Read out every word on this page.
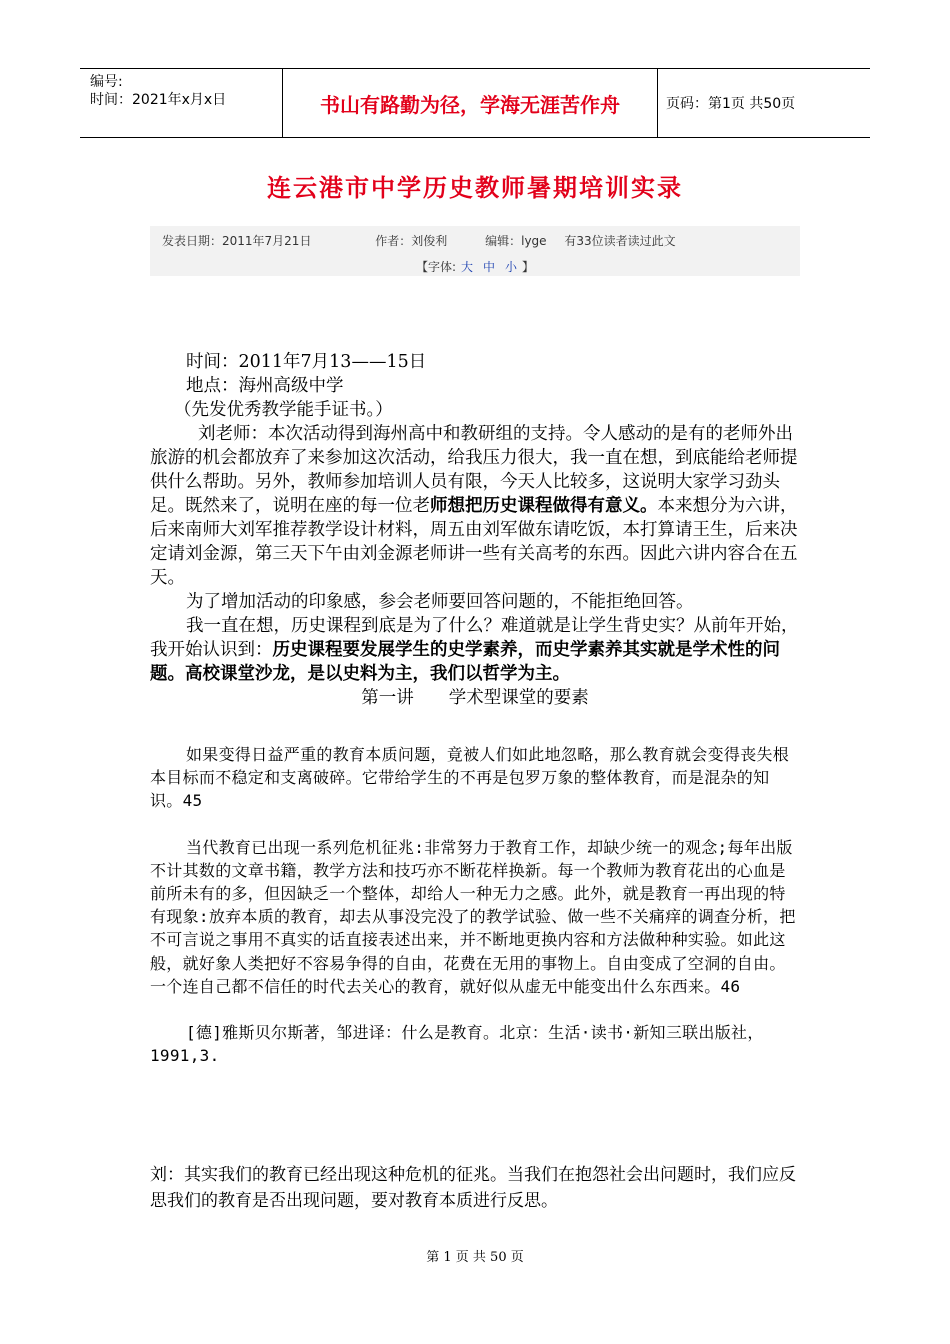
编号:
时间：2021年x月x日	书山有路勤为径，学海无涯苦作舟	页码：第1页 共50页
连云港市中学历史教师暑期培训实录
发表日期：2011年7月21日	作者：刘俊利	编辑：lyge 有33位读者读过此文
【字体: 大 中 小 】

时间：2011年7月13——15日

地点：海州高级中学

（先发优秀教学能手证书。）

刘老师：本次活动得到海州高中和教研组的支持。令人感动的是有的老师外出旅游的机会都放弃了来参加这次活动，给我压力很大，我一直在想，到底能给老师提供什么帮助。另外，教师参加培训人员有限，今天人比较多，这说明大家学习劲头足。既然来了，说明在座的每一位老师想把历史课程做得有意义。本来想分为六讲，后来南师大刘军推荐教学设计材料，周五由刘军做东请吃饭，本打算请王生，后来决定请刘金源，第三天下午由刘金源老师讲一些有关高考的东西。因此六讲内容合在五天。

为了增加活动的印象感，参会老师要回答问题的，不能拒绝回答。

我一直在想，历史课程到底是为了什么？难道就是让学生背史实？从前年开始，我开始认识到：历史课程要发展学生的史学素养，而史学素养其实就是学术性的问题。高校课堂沙龙，是以史料为主，我们以哲学为主。

第一讲　　学术型课堂的要素

如果变得日益严重的教育本质问题，竟被人们如此地忽略，那么教育就会变得丧失根本目标而不稳定和支离破碎。它带给学生的不再是包罗万象的整体教育，而是混杂的知识。45

当代教育已出现一系列危机征兆:非常努力于教育工作，却缺少统一的观念;每年出版不计其数的文章书籍，教学方法和技巧亦不断花样换新。每一个教师为教育花出的心血是前所未有的多，但因缺乏一个整体，却给人一种无力之感。此外，就是教育一再出现的特有现象:放弃本质的教育，却去从事没完没了的教学试验、做一些不关痛痒的调查分析，把不可言说之事用不真实的话直接表述出来，并不断地更换内容和方法做种种实验。如此这般，就好象人类把好不容易争得的自由，花费在无用的事物上。自由变成了空洞的自由。一个连自己都不信任的时代去关心的教育，就好似从虚无中能变出什么东西来。46

[德]雅斯贝尔斯著，邹进译：什么是教育。北京：生活·读书·新知三联出版社，1991,3.

刘：其实我们的教育已经出现这种危机的征兆。当我们在抱怨社会出问题时，我们应反思我们的教育是否出现问题，要对教育本质进行反思。

第 1 页 共 50 页
